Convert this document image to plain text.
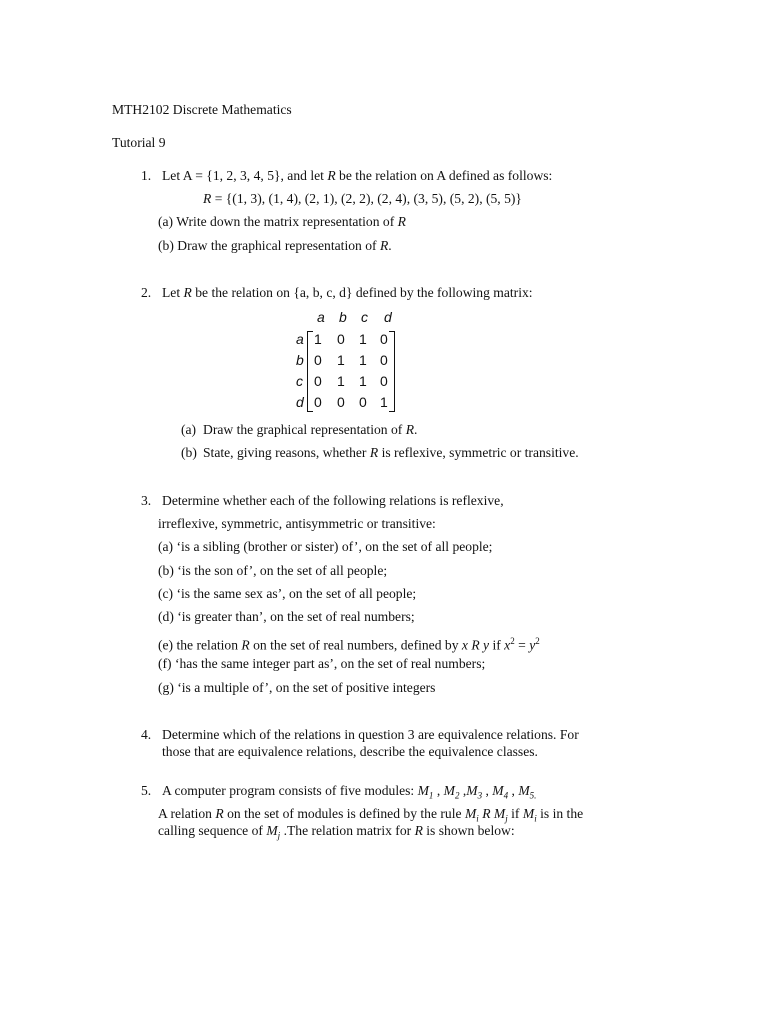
MTH2102 Discrete Mathematics
Tutorial 9
1. Let A = {1, 2, 3, 4, 5}, and let R be the relation on A defined as follows:
R = {(1, 3), (1, 4), (2, 1), (2, 2), (2, 4), (3, 5), (5, 2), (5, 5)}
(a) Write down the matrix representation of R
(b) Draw the graphical representation of R.
2. Let R be the relation on {a, b, c, d} defined by the following matrix:
a b c d
a
b
c
d
1 0 1 0
0 1 1 0
0 1 1 0
0 0 0 1
(a) Draw the graphical representation of R.
(b) State, giving reasons, whether R is reflexive, symmetric or transitive.
3. Determine whether each of the following relations is reflexive,
irreflexive, symmetric, antisymmetric or transitive:
(a) ‘is a sibling (brother or sister) of’, on the set of all people;
(b) ‘is the son of’, on the set of all people;
(c) ‘is the same sex as’, on the set of all people;
(d) ‘is greater than’, on the set of real numbers;
(e) the relation R on the set of real numbers, defined by x R y if $x^2 = y^2$
(f) ‘has the same integer part as’, on the set of real numbers;
(g) ‘is a multiple of’, on the set of positive integers
4. Determine which of the relations in question 3 are equivalence relations. For
those that are equivalence relations, describe the equivalence classes.
5. A computer program consists of five modules: $M_1$ , $M_2$ $,M_3$ , $M_4$ , $M_{5.}$
A relation R on the set of modules is defined by the rule $M_i$ R $M_j$ if $M_i$ is in the
calling sequence of $M_j$ .The relation matrix for R is shown below:
